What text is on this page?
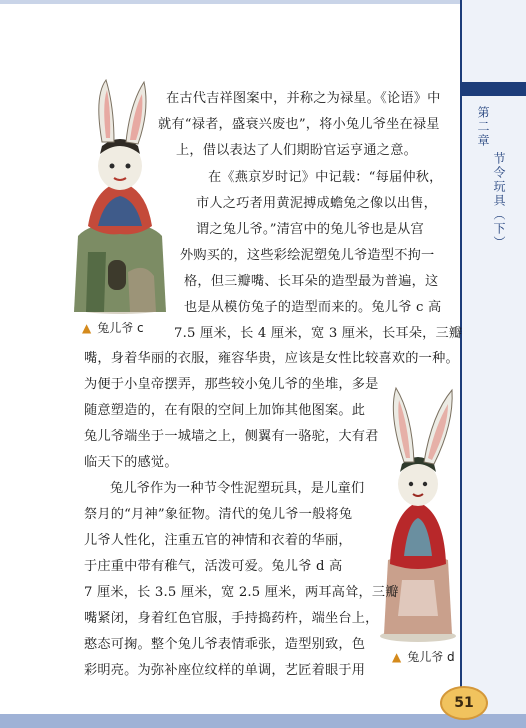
第二章
节令玩具（下）
▲ 兔儿爷 c
▲ 兔儿爷 d
在古代吉祥图案中，并称之为禄星。《论语》中
就有“禄者，盛衰兴废也”，将小兔儿爷坐在禄星
上，借以表达了人们期盼官运亨通之意。
在《燕京岁时记》中记载：“每届仲秋，
市人之巧者用黄泥搏成蟾兔之像以出售，
谓之兔儿爷。”清宫中的兔儿爷也是从宫
外购买的，这些彩绘泥塑兔儿爷造型不拘一
格，但三瓣嘴、长耳朵的造型最为普遍，这
也是从模仿兔子的造型而来的。兔儿爷 c 高
7.5 厘米，长 4 厘米，宽 3 厘米，长耳朵，三瓣
嘴，身着华丽的衣服，雍容华贵，应该是女性比较喜欢的一种。
为便于小皇帝摆弄，那些较小兔儿爷的坐堆，多是
随意塑造的，在有限的空间上加饰其他图案。此
兔儿爷端坐于一城墙之上，侧翼有一骆驼，大有君
临天下的感觉。
兔儿爷作为一种节令性泥塑玩具，是儿童们
祭月的“月神”象征物。清代的兔儿爷一般将兔
儿爷人性化，注重五官的神情和衣着的华丽，
于庄重中带有稚气，活泼可爱。兔儿爷 d 高
7 厘米，长 3.5 厘米，宽 2.5 厘米，两耳高耸，三瓣
嘴紧闭，身着红色官服，手持捣药杵，端坐台上，
憨态可掬。整个兔儿爷表情乖张，造型别致，色
彩明亮。为弥补座位纹样的单调，艺匠着眼于用
51
